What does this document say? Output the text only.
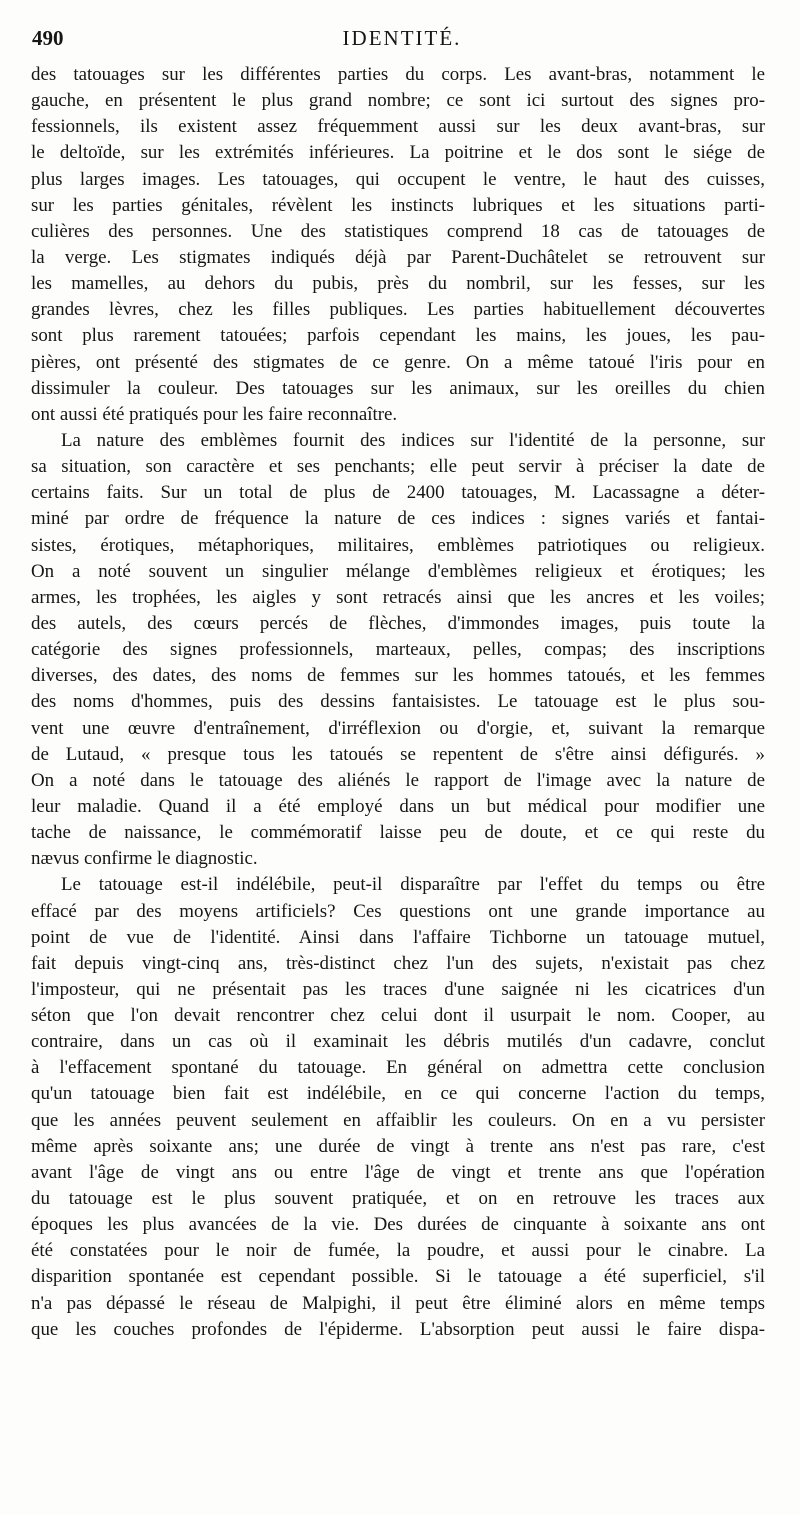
490	IDENTITÉ.
des tatouages sur les différentes parties du corps. Les avant-bras, notamment le
gauche, en présentent le plus grand nombre; ce sont ici surtout des signes pro-
fessionnels, ils existent assez fréquemment aussi sur les deux avant-bras, sur
le deltoïde, sur les extrémités inférieures. La poitrine et le dos sont le siége de
plus larges images. Les tatouages, qui occupent le ventre, le haut des cuisses,
sur les parties génitales, révèlent les instincts lubriques et les situations parti-
culières des personnes. Une des statistiques comprend 18 cas de tatouages de
la verge. Les stigmates indiqués déjà par Parent-Duchâtelet se retrouvent sur
les mamelles, au dehors du pubis, près du nombril, sur les fesses, sur les
grandes lèvres, chez les filles publiques. Les parties habituellement découvertes
sont plus rarement tatouées; parfois cependant les mains, les joues, les pau-
pières, ont présenté des stigmates de ce genre. On a même tatoué l'iris pour en
dissimuler la couleur. Des tatouages sur les animaux, sur les oreilles du chien
ont aussi été pratiqués pour les faire reconnaître.
La nature des emblèmes fournit des indices sur l'identité de la personne, sur
sa situation, son caractère et ses penchants; elle peut servir à préciser la date de
certains faits. Sur un total de plus de 2400 tatouages, M. Lacassagne a déter-
miné par ordre de fréquence la nature de ces indices : signes variés et fantai-
sistes, érotiques, métaphoriques, militaires, emblèmes patriotiques ou religieux.
On a noté souvent un singulier mélange d'emblèmes religieux et érotiques; les
armes, les trophées, les aigles y sont retracés ainsi que les ancres et les voiles;
des autels, des cœurs percés de flèches, d'immondes images, puis toute la
catégorie des signes professionnels, marteaux, pelles, compas; des inscriptions
diverses, des dates, des noms de femmes sur les hommes tatoués, et les femmes
des noms d'hommes, puis des dessins fantaisistes. Le tatouage est le plus sou-
vent une œuvre d'entraînement, d'irréflexion ou d'orgie, et, suivant la remarque
de Lutaud, « presque tous les tatoués se repentent de s'être ainsi défigurés. »
On a noté dans le tatouage des aliénés le rapport de l'image avec la nature de
leur maladie. Quand il a été employé dans un but médical pour modifier une
tache de naissance, le commémoratif laisse peu de doute, et ce qui reste du
nævus confirme le diagnostic.
Le tatouage est-il indélébile, peut-il disparaître par l'effet du temps ou être
effacé par des moyens artificiels? Ces questions ont une grande importance au
point de vue de l'identité. Ainsi dans l'affaire Tichborne un tatouage mutuel,
fait depuis vingt-cinq ans, très-distinct chez l'un des sujets, n'existait pas chez
l'imposteur, qui ne présentait pas les traces d'une saignée ni les cicatrices d'un
séton que l'on devait rencontrer chez celui dont il usurpait le nom. Cooper, au
contraire, dans un cas où il examinait les débris mutilés d'un cadavre, conclut
à l'effacement spontané du tatouage. En général on admettra cette conclusion
qu'un tatouage bien fait est indélébile, en ce qui concerne l'action du temps,
que les années peuvent seulement en affaiblir les couleurs. On en a vu persister
même après soixante ans; une durée de vingt à trente ans n'est pas rare, c'est
avant l'âge de vingt ans ou entre l'âge de vingt et trente ans que l'opération
du tatouage est le plus souvent pratiquée, et on en retrouve les traces aux
époques les plus avancées de la vie. Des durées de cinquante à soixante ans ont
été constatées pour le noir de fumée, la poudre, et aussi pour le cinabre. La
disparition spontanée est cependant possible. Si le tatouage a été superficiel, s'il
n'a pas dépassé le réseau de Malpighi, il peut être éliminé alors en même temps
que les couches profondes de l'épiderme. L'absorption peut aussi le faire dispa-
